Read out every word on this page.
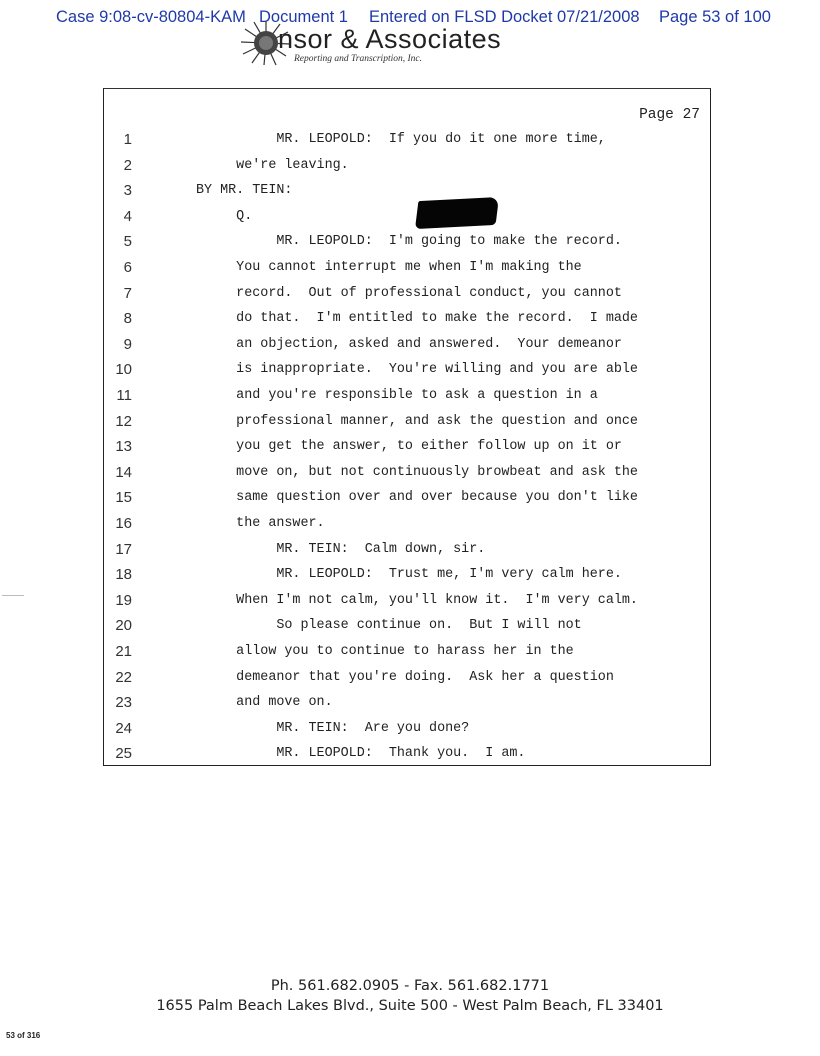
Case 9:08-cv-80804-KAM Document 1 Entered on FLSD Docket 07/21/2008 Page 53 of 100
nsor & Associates
Reporting and Transcription, Inc.
Page 27
1	MR. LEOPOLD:  If you do it one more time,
2	we're leaving.
3	BY MR. TEIN:
4	Q.
5	MR. LEOPOLD:  I'm going to make the record.
6	You cannot interrupt me when I'm making the
7	record.  Out of professional conduct, you cannot
8	do that.  I'm entitled to make the record.  I made
9	an objection, asked and answered.  Your demeanor
10	is inappropriate.  You're willing and you are able
11	and you're responsible to ask a question in a
12	professional manner, and ask the question and once
13	you get the answer, to either follow up on it or
14	move on, but not continuously browbeat and ask the
15	same question over and over because you don't like
16	the answer.
17	MR. TEIN:  Calm down, sir.
18	MR. LEOPOLD:  Trust me, I'm very calm here.
19	When I'm not calm, you'll know it.  I'm very calm.
20	So please continue on.  But I will not
21	allow you to continue to harass her in the
22	demeanor that you're doing.  Ask her a question
23	and move on.
24	MR. TEIN:  Are you done?
25	MR. LEOPOLD:  Thank you.  I am.
Ph. 561.682.0905 - Fax. 561.682.1771
1655 Palm Beach Lakes Blvd., Suite 500 - West Palm Beach, FL 33401
53 of 316
